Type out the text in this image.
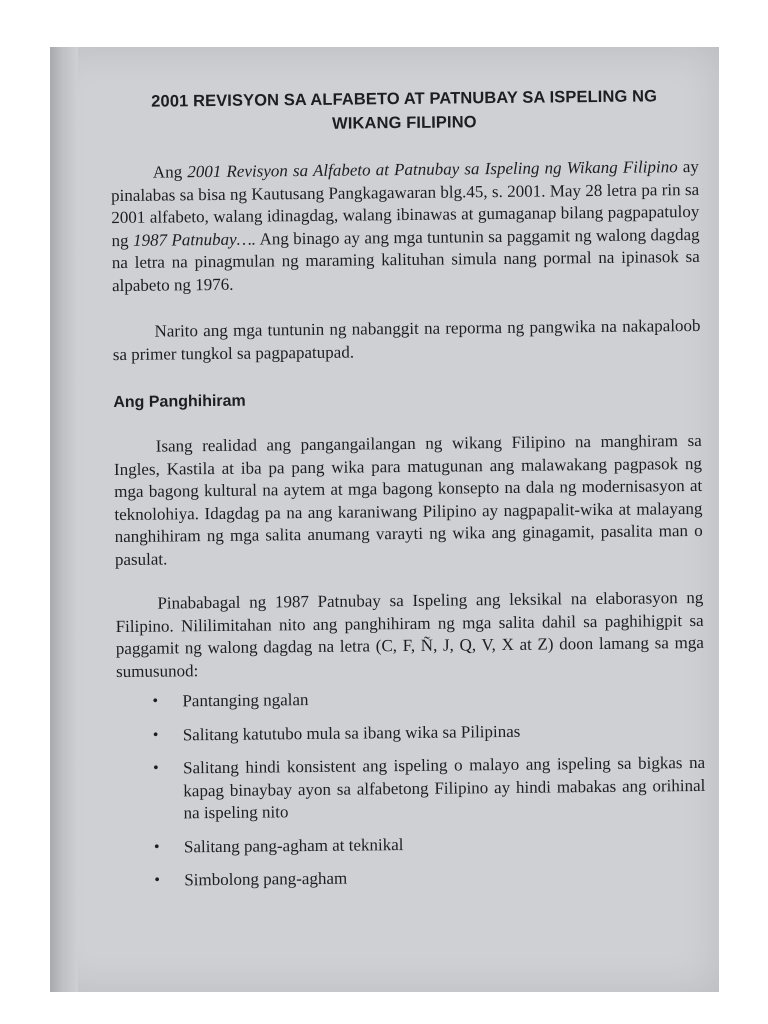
2001 REVISYON SA ALFABETO AT PATNUBAY SA ISPELING NG
WIKANG FILIPINO

Ang 2001 Revisyon sa Alfabeto at Patnubay sa Ispeling ng Wikang Filipino ay pinalabas sa bisa ng Kautusang Pangkagawaran blg.45, s. 2001. May 28 letra pa rin sa 2001 alfabeto, walang idinagdag, walang ibinawas at gumaganap bilang pagpapatuloy ng 1987 Patnubay…. Ang binago ay ang mga tuntunin sa paggamit ng walong dagdag na letra na pinagmulan ng maraming kalituhan simula nang pormal na ipinasok sa alpabeto ng 1976.

Narito ang mga tuntunin ng nabanggit na reporma ng pangwika na nakapaloob sa primer tungkol sa pagpapatupad.

Ang Panghihiram

Isang realidad ang pangangailangan ng wikang Filipino na manghiram sa Ingles, Kastila at iba pa pang wika para matugunan ang malawakang pagpasok ng mga bagong kultural na aytem at mga bagong konsepto na dala ng modernisasyon at teknolohiya. Idagdag pa na ang karaniwang Pilipino ay nagpapalit-wika at malayang nanghihiram ng mga salita anumang varayti ng wika ang ginagamit, pasalita man o pasulat.

Pinababagal ng 1987 Patnubay sa Ispeling ang leksikal na elaborasyon ng Filipino. Nililimitahan nito ang panghihiram ng mga salita dahil sa paghihigpit sa paggamit ng walong dagdag na letra (C, F, Ñ, J, Q, V, X at Z) doon lamang sa mga sumusunod:

• Pantanging ngalan
• Salitang katutubo mula sa ibang wika sa Pilipinas
• Salitang hindi konsistent ang ispeling o malayo ang ispeling sa bigkas na kapag binaybay ayon sa alfabetong Filipino ay hindi mabakas ang orihinal na ispeling nito
• Salitang pang-agham at teknikal
• Simbolong pang-agham
